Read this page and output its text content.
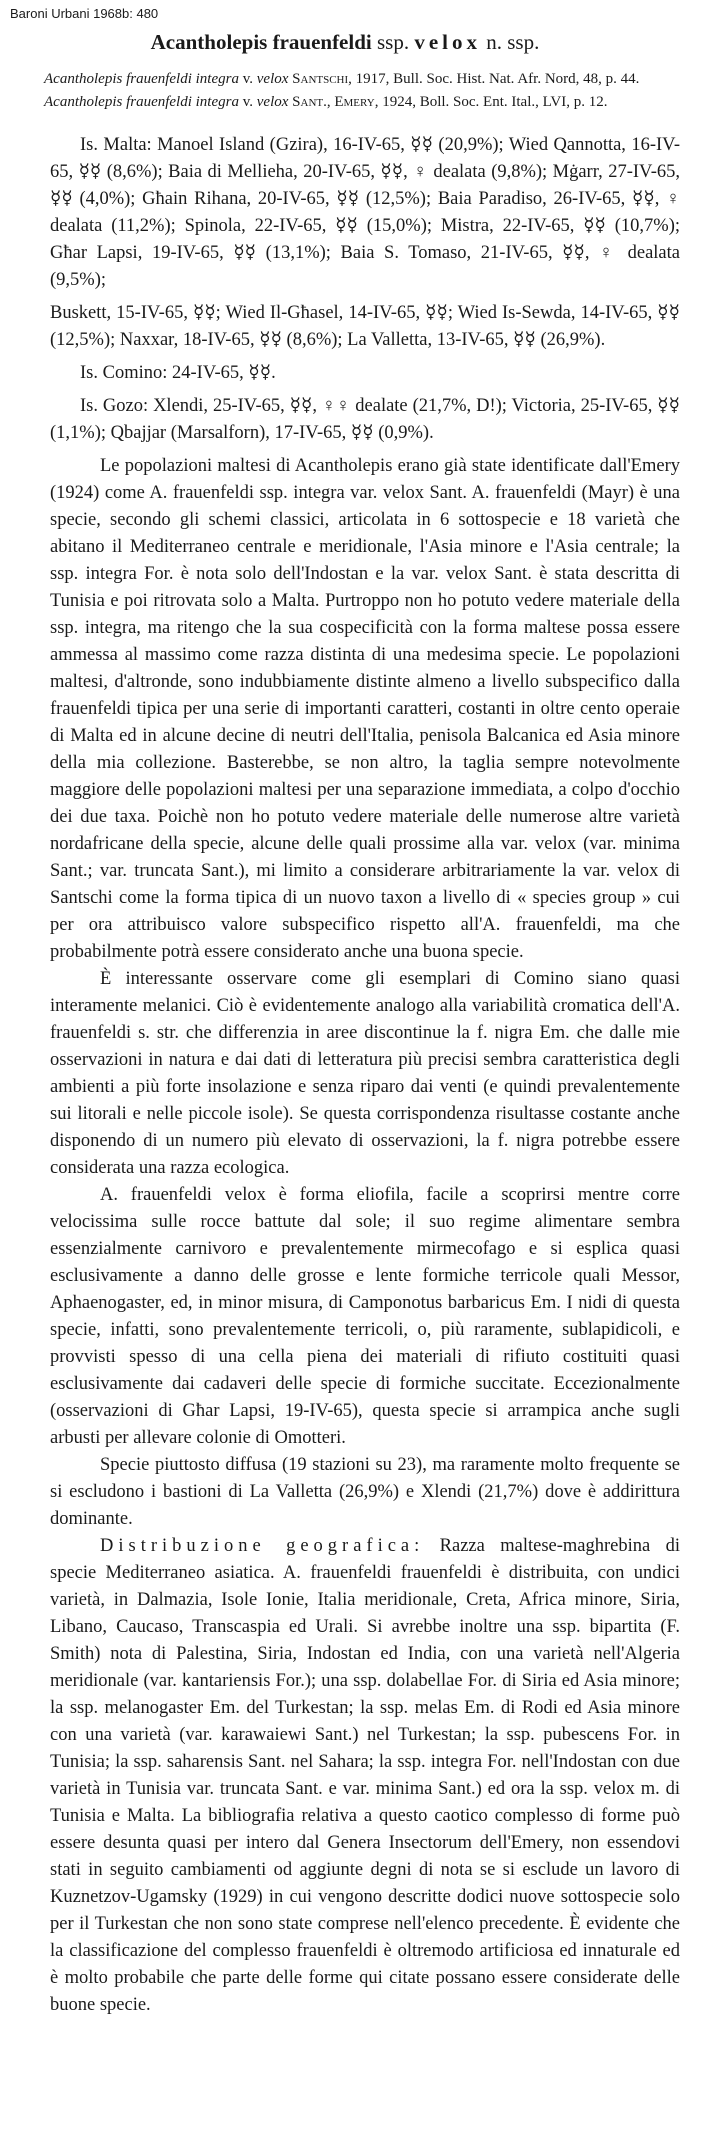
Baroni Urbani 1968b: 480
Acantholepis frauenfeldi ssp. velox n. ssp.
Acantholepis frauenfeldi integra v. velox Santschi, 1917, Bull. Soc. Hist. Nat. Afr. Nord, 48, p. 44.
Acantholepis frauenfeldi integra v. velox Sant., Emery, 1924, Boll. Soc. Ent. Ital., LVI, p. 12.

Is. Malta: Manoel Island (Gzira), 16-IV-65, ☿☿ (20,9%); Wied Qannotta, 16-IV-65, ☿☿ (8,6%); Baia di Mellieha, 20-IV-65, ☿☿, ♀ dealata (9,8%); Mġarr, 27-IV-65, ☿☿ (4,0%); Għain Rihana, 20-IV-65, ☿☿ (12,5%); Baia Paradiso, 26-IV-65, ☿☿, ♀ dealata (11,2%); Spinola, 22-IV-65, ☿☿ (15,0%); Mistra, 22-IV-65, ☿☿ (10,7%); Għar Lapsi, 19-IV-65, ☿☿ (13,1%); Baia S. Tomaso, 21-IV-65, ☿☿, ♀ dealata (9,5%);

Buskett, 15-IV-65, ☿☿; Wied Il-Għasel, 14-IV-65, ☿☿; Wied Is-Sewda, 14-IV-65, ☿☿ (12,5%); Naxxar, 18-IV-65, ☿☿ (8,6%); La Valletta, 13-IV-65, ☿☿ (26,9%).

Is. Comino: 24-IV-65, ☿☿.

Is. Gozo: Xlendi, 25-IV-65, ☿☿, ♀♀ dealate (21,7%, D!); Victoria, 25-IV-65, ☿☿ (1,1%); Qbajjar (Marsalforn), 17-IV-65, ☿☿ (0,9%).

Le popolazioni maltesi di Acantholepis erano già state identificate dall'Emery (1924) come A. frauenfeldi ssp. integra var. velox Sant. A. frauenfeldi (Mayr) è una specie, secondo gli schemi classici, articolata in 6 sottospecie e 18 varietà che abitano il Mediterraneo centrale e meridionale, l'Asia minore e l'Asia centrale; la ssp. integra For. è nota solo dell'Indostan e la var. velox Sant. è stata descritta di Tunisia e poi ritrovata solo a Malta. Purtroppo non ho potuto vedere materiale della ssp. integra, ma ritengo che la sua cospecificità con la forma maltese possa essere ammessa al massimo come razza distinta di una medesima specie. Le popolazioni maltesi, d'altronde, sono indubbiamente distinte almeno a livello subspecifico dalla frauenfeldi tipica per una serie di importanti caratteri, costanti in oltre cento operaie di Malta ed in alcune decine di neutri dell'Italia, penisola Balcanica ed Asia minore della mia collezione. Basterebbe, se non altro, la taglia sempre notevolmente maggiore delle popolazioni maltesi per una separazione immediata, a colpo d'occhio dei due taxa. Poichè non ho potuto vedere materiale delle numerose altre varietà nordafricane della specie, alcune delle quali prossime alla var. velox (var. minima Sant.; var. truncata Sant.), mi limito a considerare arbitrariamente la var. velox di Santschi come la forma tipica di un nuovo taxon a livello di « species group » cui per ora attribuisco valore subspecifico rispetto all'A. frauenfeldi, ma che probabilmente potrà essere considerato anche una buona specie.

È interessante osservare come gli esemplari di Comino siano quasi interamente melanici. Ciò è evidentemente analogo alla variabilità cromatica dell'A. frauenfeldi s. str. che differenzia in aree discontinue la f. nigra Em. che dalle mie osservazioni in natura e dai dati di letteratura più precisi sembra caratteristica degli ambienti a più forte insolazione e senza riparo dai venti (e quindi prevalentemente sui litorali e nelle piccole isole). Se questa corrispondenza risultasse costante anche disponendo di un numero più elevato di osservazioni, la f. nigra potrebbe essere considerata una razza ecologica.

A. frauenfeldi velox è forma eliofila, facile a scoprirsi mentre corre velocissima sulle rocce battute dal sole; il suo regime alimentare sembra essenzialmente carnivoro e prevalentemente mirmecofago e si esplica quasi esclusivamente a danno delle grosse e lente formiche terricole quali Messor, Aphaenogaster, ed, in minor misura, di Camponotus barbaricus Em. I nidi di questa specie, infatti, sono prevalentemente terricoli, o, più raramente, sublapidicoli, e provvisti spesso di una cella piena dei materiali di rifiuto costituiti quasi esclusivamente dai cadaveri delle specie di formiche succitate. Eccezionalmente (osservazioni di Għar Lapsi, 19-IV-65), questa specie si arrampica anche sugli arbusti per allevare colonie di Omotteri.

Specie piuttosto diffusa (19 stazioni su 23), ma raramente molto frequente se si escludono i bastioni di La Valletta (26,9%) e Xlendi (21,7%) dove è addirittura dominante.

Distribuzione geografica: Razza maltese-maghrebina di specie Mediterraneo asiatica. A. frauenfeldi frauenfeldi è distribuita, con undici varietà, in Dalmazia, Isole Ionie, Italia meridionale, Creta, Africa minore, Siria, Libano, Caucaso, Transcaspia ed Urali. Si avrebbe inoltre una ssp. bipartita (F. Smith) nota di Palestina, Siria, Indostan ed India, con una varietà nell'Algeria meridionale (var. kantariensis For.); una ssp. dolabellae For. di Siria ed Asia minore; la ssp. melanogaster Em. del Turkestan; la ssp. melas Em. di Rodi ed Asia minore con una varietà (var. karawaiewi Sant.) nel Turkestan; la ssp. pubescens For. in Tunisia; la ssp. saharensis Sant. nel Sahara; la ssp. integra For. nell'Indostan con due varietà in Tunisia var. truncata Sant. e var. minima Sant.) ed ora la ssp. velox m. di Tunisia e Malta. La bibliografia relativa a questo caotico complesso di forme può essere desunta quasi per intero dal Genera Insectorum dell'Emery, non essendovi stati in seguito cambiamenti od aggiunte degni di nota se si esclude un lavoro di Kuznetzov-Ugamsky (1929) in cui vengono descritte dodici nuove sottospecie solo per il Turkestan che non sono state comprese nell'elenco precedente. È evidente che la classificazione del complesso frauenfeldi è oltremodo artificiosa ed innaturale ed è molto probabile che parte delle forme qui citate possano essere considerate delle buone specie.
